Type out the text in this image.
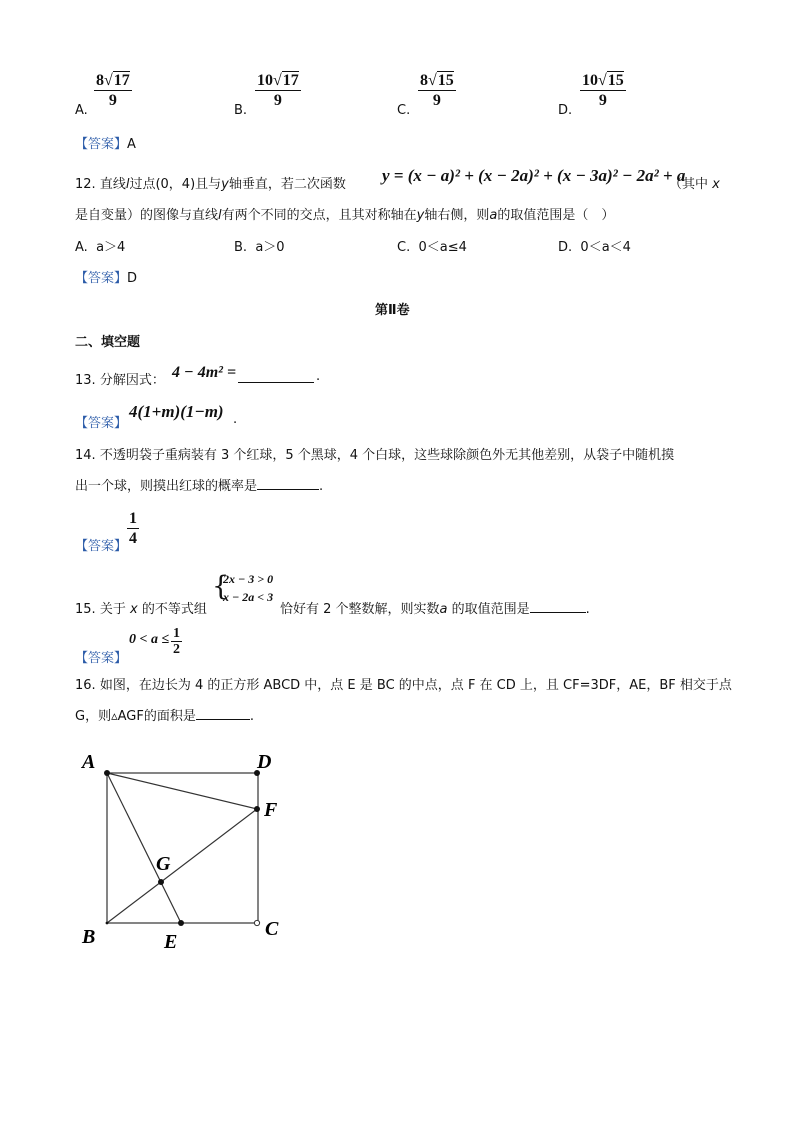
A. $\frac{8√17}{9}$	B. $\frac{10√17}{9}$	C. $\frac{8√15}{9}$	D. $\frac{10√15}{9}$
【答案】A
12. 直线l过点(0，4)且与y轴垂直，若二次函数 y = (x − a)² + (x − 2a)² + (x − 3a)² − 2a² + a
（其中 x
是自变量）的图像与直线l有两个不同的交点，且其对称轴在y轴右侧，则a的取值范围是（　）
A. a＞4	B. a＞0	C. 0＜a≤4	D. 0＜a＜4
【答案】D
第Ⅱ卷
二、填空题
13. 分解因式： 4 − 4m² =	.
【答案】
4(1+m)(1−m) .
14. 不透明袋子重病装有 3 个红球，5 个黑球，4 个白球，这些球除颜色外无其他差别，从袋子中随机摸
出一个球，则摸出红球的概率是	.
【答案】 $\frac{1}{4}$
15. 关于 x 的不等式组
{
2x − 3 > 0
x − 2a < 3
恰好有 2 个整数解，则实数a 的取值范围是	.
【答案】
$0 < a \le \frac{1}{2}$
16. 如图，在边长为 4 的正方形 ABCD 中，点 E 是 BC 的中点，点 F 在 CD 上，且 CF=3DF，AE，BF 相交于点
G，则▵AGF的面积是	.
A	D
F
G
B	E
C
